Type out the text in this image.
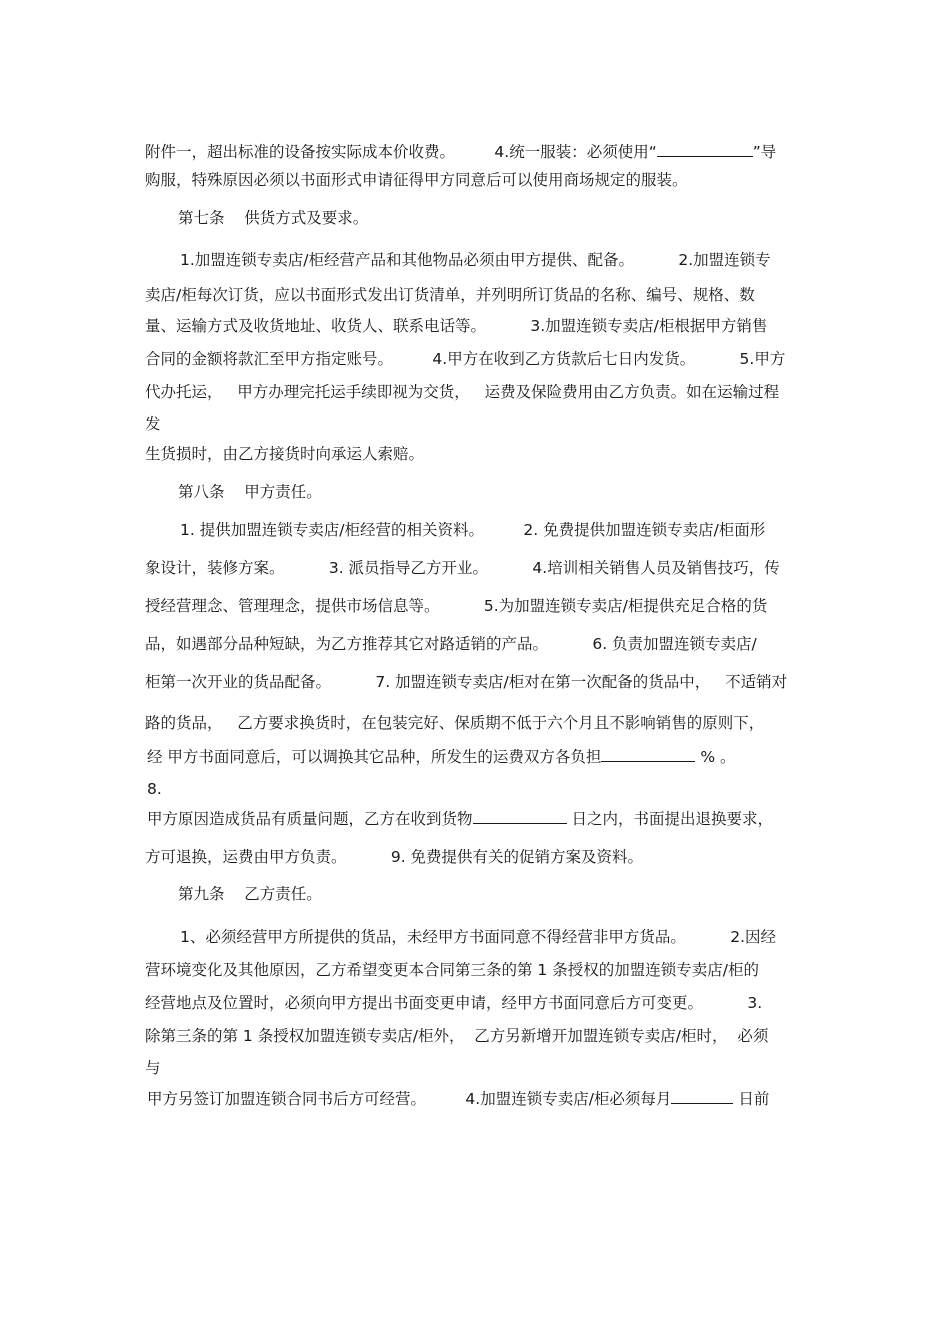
附件一，超出标准的设备按实际成本价收费。        4.统一服装：必须使用“	”导
购服，特殊原因必须以书面形式申请征得甲方同意后可以使用商场规定的服装。
第七条    供货方式及要求。
1.加盟连锁专卖店/柜经营产品和其他物品必须由甲方提供、配备。         2.加盟连锁专
卖店/柜每次订货，应以书面形式发出订货清单，并列明所订货品的名称、编号、规格、数
量、运输方式及收货地址、收货人、联系电话等。         3.加盟连锁专卖店/柜根据甲方销售
合同的金额将款汇至甲方指定账号。        4.甲方在收到乙方货款后七日内发货。         5.甲方
代办托运，   甲方办理完托运手续即视为交货，   运费及保险费用由乙方负责。如在运输过程
发
生货损时，由乙方接货时向承运人索赔。
第八条    甲方责任。
1. 提供加盟连锁专卖店/柜经营的相关资料。        2. 免费提供加盟连锁专卖店/柜面形
象设计，装修方案。         3. 派员指导乙方开业。         4.培训相关销售人员及销售技巧，传
授经营理念、管理理念，提供市场信息等。         5.为加盟连锁专卖店/柜提供充足合格的货
品，如遇部分品种短缺，为乙方推荐其它对路适销的产品。         6. 负责加盟连锁专卖店/
柜第一次开业的货品配备。         7. 加盟连锁专卖店/柜对在第一次配备的货品中，   不适销对
路的货品，   乙方要求换货时，在包装完好、保质期不低于六个月且不影响销售的原则下，
经 甲方书面同意后，可以调换其它品种，所发生的运费双方各负担	% 。
8.
甲方原因造成货品有质量问题，乙方在收到货物	日之内，书面提出退换要求，
方可退换，运费由甲方负责。         9. 免费提供有关的促销方案及资料。
第九条    乙方责任。
1、必须经营甲方所提供的货品，未经甲方书面同意不得经营非甲方货品。         2.因经
营环境变化及其他原因，乙方希望变更本合同第三条的第 1 条授权的加盟连锁专卖店/柜的
经营地点及位置时，必须向甲方提出书面变更申请，经甲方书面同意后方可变更。         3.
除第三条的第 1 条授权加盟连锁专卖店/柜外，  乙方另新增开加盟连锁专卖店/柜时，  必须
与
甲方另签订加盟连锁合同书后方可经营。        4.加盟连锁专卖店/柜必须每月	日前
